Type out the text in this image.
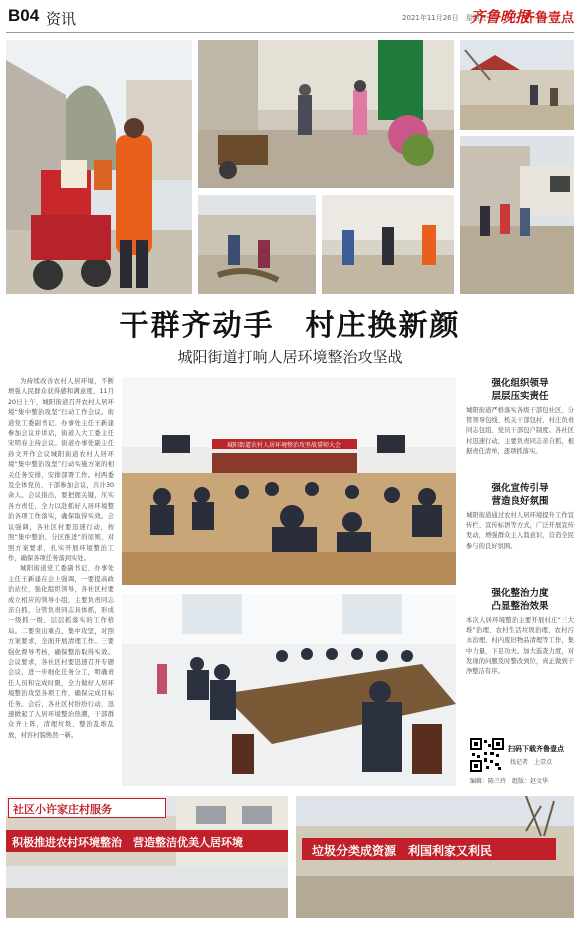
B04 资讯	2021年11月26日　星期五
齐鲁晚报
齐鲁壹点
干群齐动手　村庄换新颜
城阳街道打响人居环境整治攻坚战
为持续改善农村人居环境，不断增强人民群众获得感和满意度，11月20日上午，城阳街道召开农村人居环境“集中整治攻坚”行动工作会议。街道党工委副书记、办事处主任王新建参加会议并讲话，街道人大工委主任宋明春主持会议。街道办事处副主任孙文开作会议城阳街道农村人居环境“集中整治攻坚”行动实施方案的相关任务安排，安排部署工作。村两委及全体党员、干部参加会议，共计30余人。会议指出，要把握关键，压实各方责任，全力以赴抓好人居环境整治各项工作落实，确保取得实效。会议强调，各社区村要迅速行动，按照“集中整治、分区推进”的原则，对照方案要求，扎实开展环境整治工作，确保各项任务落到实处。
城阳街道党工委副书记、办事处主任王新建在会上强调，一要提高政治站位，强化组织领导，各社区村要成立相应的领导小组，主要负责同志亲自抓，分管负责同志具体抓，形成一级抓一级、层层抓落实的工作格局。二要突出重点，集中攻坚，对照方案要求，全面开展清理工作。三要强化督导考核，确保整治取得实效。会议要求，各社区村要迅速召开专题会议，进一步细化任务分工，明确责任人员和完成时限，全力做好人居环境整治攻坚各项工作，确保完成目标任务。会后，各社区村纷纷行动，迅速掀起了人居环境整治热潮，干部群众齐上阵，清理垃圾、整治乱堆乱放，村容村貌焕然一新。
城阳街道农村人居环境整治攻坚战誓师大会
强化组织领导
层层压实责任
城阳街道严格落实各级干部包社区、分管领导包线、机关干部包村、村庄负责同志包组、党员干部包户制度。各社区村迅速行动，主要负责同志亲自抓，根据责任清单，逐项抓落实。
强化宣传引导
营造良好氛围
城阳街道通过农村人居环境提升工作宣传栏、宣传标语等方式，广泛开展宣传发动，增强群众主人翁意识，营造全民参与的良好氛围。
强化整治力度
凸显整治效果
本次人居环境整治主要开展村庄“三大堆”治理、农村生活垃圾治理、农村污水治理、村内废旧物品清理等工作，集中力量，下足功夫。加大巡查力度，对发现的问题及时整改到位，真正做到干净整洁有序。
扫码下载齐鲁壹点
找记者　上壹点
编辑：陈兰玲　组版：赵文华
社区小许家庄村服务
积极推进农村环境整治　营造整洁优美人居环境
垃圾分类成资源　利国利家又利民
